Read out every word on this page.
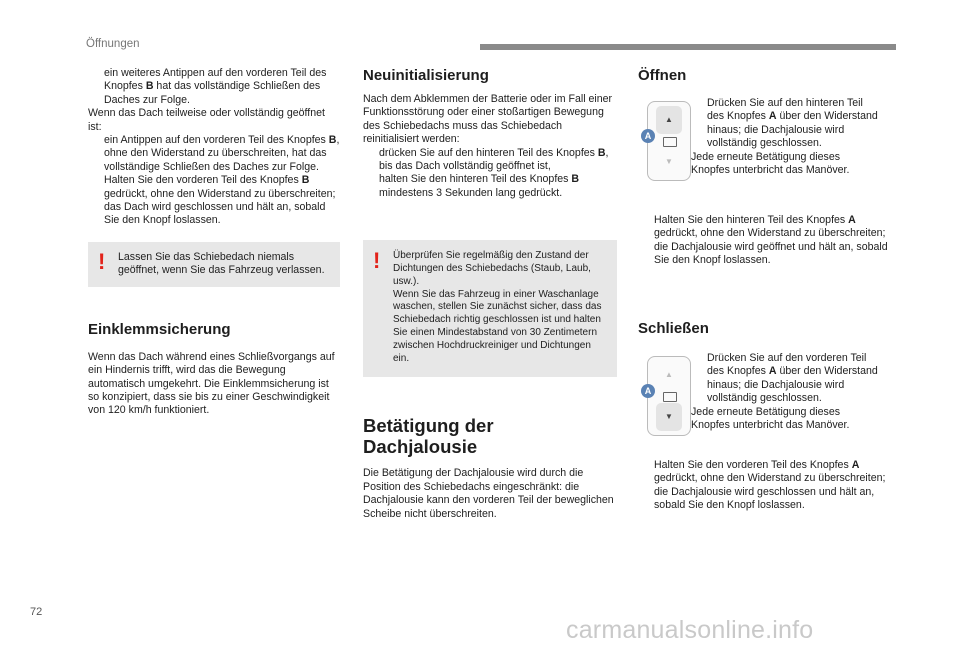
Öffnungen

ein weiteres Antippen auf den vorderen Teil des Knopfes B hat das vollständige Schließen des Daches zur Folge.

Wenn das Dach teilweise oder vollständig geöffnet ist:

ein Antippen auf den vorderen Teil des Knopfes B, ohne den Widerstand zu überschreiten, hat das vollständige Schließen des Daches zur Folge.

Halten Sie den vorderen Teil des Knopfes B gedrückt, ohne den Widerstand zu überschreiten; das Dach wird geschlossen und hält an, sobald Sie den Knopf loslassen.

! Lassen Sie das Schiebedach niemals geöffnet, wenn Sie das Fahrzeug verlassen.

Einklemmsicherung

Wenn das Dach während eines Schließvorgangs auf ein Hindernis trifft, wird das die Bewegung automatisch umgekehrt. Die Einklemmsicherung ist so konzipiert, dass sie bis zu einer Geschwindigkeit von 120 km/h funktioniert.

Neuinitialisierung

Nach dem Abklemmen der Batterie oder im Fall einer Funktionsstörung oder einer stoßartigen Bewegung des Schiebedachs muss das Schiebedach reinitialisiert werden:

drücken Sie auf den hinteren Teil des Knopfes B, bis das Dach vollständig geöffnet ist,

halten Sie den hinteren Teil des Knopfes B mindestens 3 Sekunden lang gedrückt.

! Überprüfen Sie regelmäßig den Zustand der Dichtungen des Schiebedachs (Staub, Laub, usw.).

Wenn Sie das Fahrzeug in einer Waschanlage waschen, stellen Sie zunächst sicher, dass das Schiebedach richtig geschlossen ist und halten Sie einen Mindestabstand von 30 Zentimetern zwischen Hochdruckreiniger und Dichtungen ein.

Betätigung der
Dachjalousie

Die Betätigung der Dachjalousie wird durch die Position des Schiebedachs eingeschränkt: die Dachjalousie kann den vorderen Teil der beweglichen Scheibe nicht überschreiten.

Öffnen
▲
▼
A

Drücken Sie auf den hinteren Teil des Knopfes A über den Widerstand hinaus; die Dachjalousie wird vollständig geschlossen.

Jede erneute Betätigung dieses Knopfes unterbricht das Manöver.

Halten Sie den hinteren Teil des Knopfes A gedrückt, ohne den Widerstand zu überschreiten; die Dachjalousie wird geöffnet und hält an, sobald Sie den Knopf loslassen.

Schließen
▲
▼
A

Drücken Sie auf den vorderen Teil des Knopfes A über den Widerstand hinaus; die Dachjalousie wird vollständig geschlossen.

Jede erneute Betätigung dieses Knopfes unterbricht das Manöver.

Halten Sie den vorderen Teil des Knopfes A gedrückt, ohne den Widerstand zu überschreiten; die Dachjalousie wird geschlossen und hält an, sobald Sie den Knopf loslassen.

72
carmanualsonline.info
